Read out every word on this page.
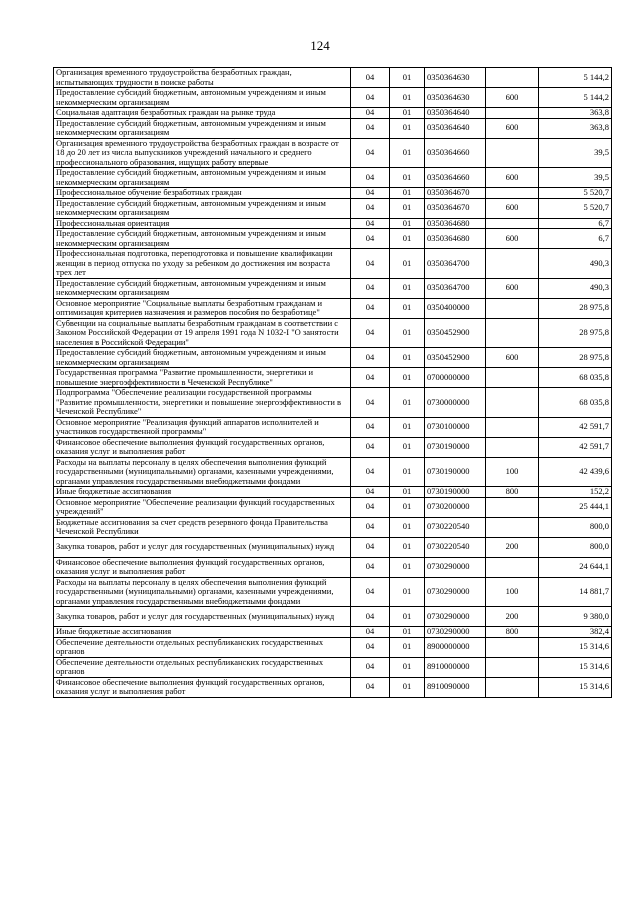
124
Организация временного трудоустройства безработных граждан, испытывающих трудности в поиске работы	04	01	0350364630		5 144,2
Предоставление субсидий бюджетным, автономным учреждениям и иным некоммерческим организациям	04	01	0350364630	600	5 144,2
Социальная адаптация безработных граждан на рынке труда	04	01	0350364640		363,8
Предоставление субсидий бюджетным, автономным учреждениям и иным некоммерческим организациям	04	01	0350364640	600	363,8
Организация временного трудоустройства безработных граждан в возрасте от 18 до 20 лет из числа выпускников учреждений начального и среднего профессионального образования, ищущих работу впервые	04	01	0350364660		39,5
Предоставление субсидий бюджетным, автономным учреждениям и иным некоммерческим организациям	04	01	0350364660	600	39,5
Профессиональное обучение безработных граждан	04	01	0350364670		5 520,7
Предоставление субсидий бюджетным, автономным учреждениям и иным некоммерческим организациям	04	01	0350364670	600	5 520,7
Профессиональная ориентация	04	01	0350364680		6,7
Предоставление субсидий бюджетным, автономным учреждениям и иным некоммерческим организациям	04	01	0350364680	600	6,7
Профессиональная подготовка, переподготовка и повышение квалификации женщин в период отпуска по уходу за ребенком до достижения им возраста трех лет	04	01	0350364700		490,3
Предоставление субсидий бюджетным, автономным учреждениям и иным некоммерческим организациям	04	01	0350364700	600	490,3
Основное мероприятие "Социальные выплаты безработным гражданам и оптимизация критериев назначения и размеров пособия по безработице"	04	01	0350400000		28 975,8
Субвенции на социальные выплаты безработным гражданам в соответствии с Законом Российской Федерации от 19 апреля 1991 года N 1032-I "О занятости населения в Российской Федерации"	04	01	0350452900		28 975,8
Предоставление субсидий бюджетным, автономным учреждениям и иным некоммерческим организациям	04	01	0350452900	600	28 975,8
Государственная программа "Развитие промышленности, энергетики и повышение энергоэффективности в Чеченской Республике"	04	01	0700000000		68 035,8
Подпрограмма "Обеспечение реализации государственной программы "Развитие промышленности, энергетики и повышение энергоэффективности в Чеченской Республике"	04	01	0730000000		68 035,8
Основное мероприятие "Реализация функций аппаратов исполнителей и участников государственной программы"	04	01	0730100000		42 591,7
Финансовое обеспечение выполнения функций государственных органов, оказания услуг и выполнения работ	04	01	0730190000		42 591,7
Расходы на выплаты персоналу в целях обеспечения выполнения функций государственными (муниципальными) органами, казенными учреждениями, органами управления государственными внебюджетными фондами	04	01	0730190000	100	42 439,6
Иные бюджетные ассигнования	04	01	0730190000	800	152,2
Основное мероприятие "Обеспечение реализации функций государственных учреждений"	04	01	0730200000		25 444,1
Бюджетные ассигнования за счет средств резервного фонда Правительства Чеченской Республики	04	01	0730220540		800,0
Закупка товаров, работ и услуг для государственных (муниципальных) нужд	04	01	0730220540	200	800,0
Финансовое обеспечение выполнения функций государственных органов, оказания услуг и выполнения работ	04	01	0730290000		24 644,1
Расходы на выплаты персоналу в целях обеспечения выполнения функций государственными (муниципальными) органами, казенными учреждениями, органами управления государственными внебюджетными фондами	04	01	0730290000	100	14 881,7
Закупка товаров, работ и услуг для государственных (муниципальных) нужд	04	01	0730290000	200	9 380,0
Иные бюджетные ассигнования	04	01	0730290000	800	382,4
Обеспечение деятельности отдельных республиканских государственных органов	04	01	8900000000		15 314,6
Обеспечение деятельности отдельных республиканских государственных органов	04	01	8910000000		15 314,6
Финансовое обеспечение выполнения функций государственных органов, оказания услуг и выполнения работ	04	01	8910090000		15 314,6
